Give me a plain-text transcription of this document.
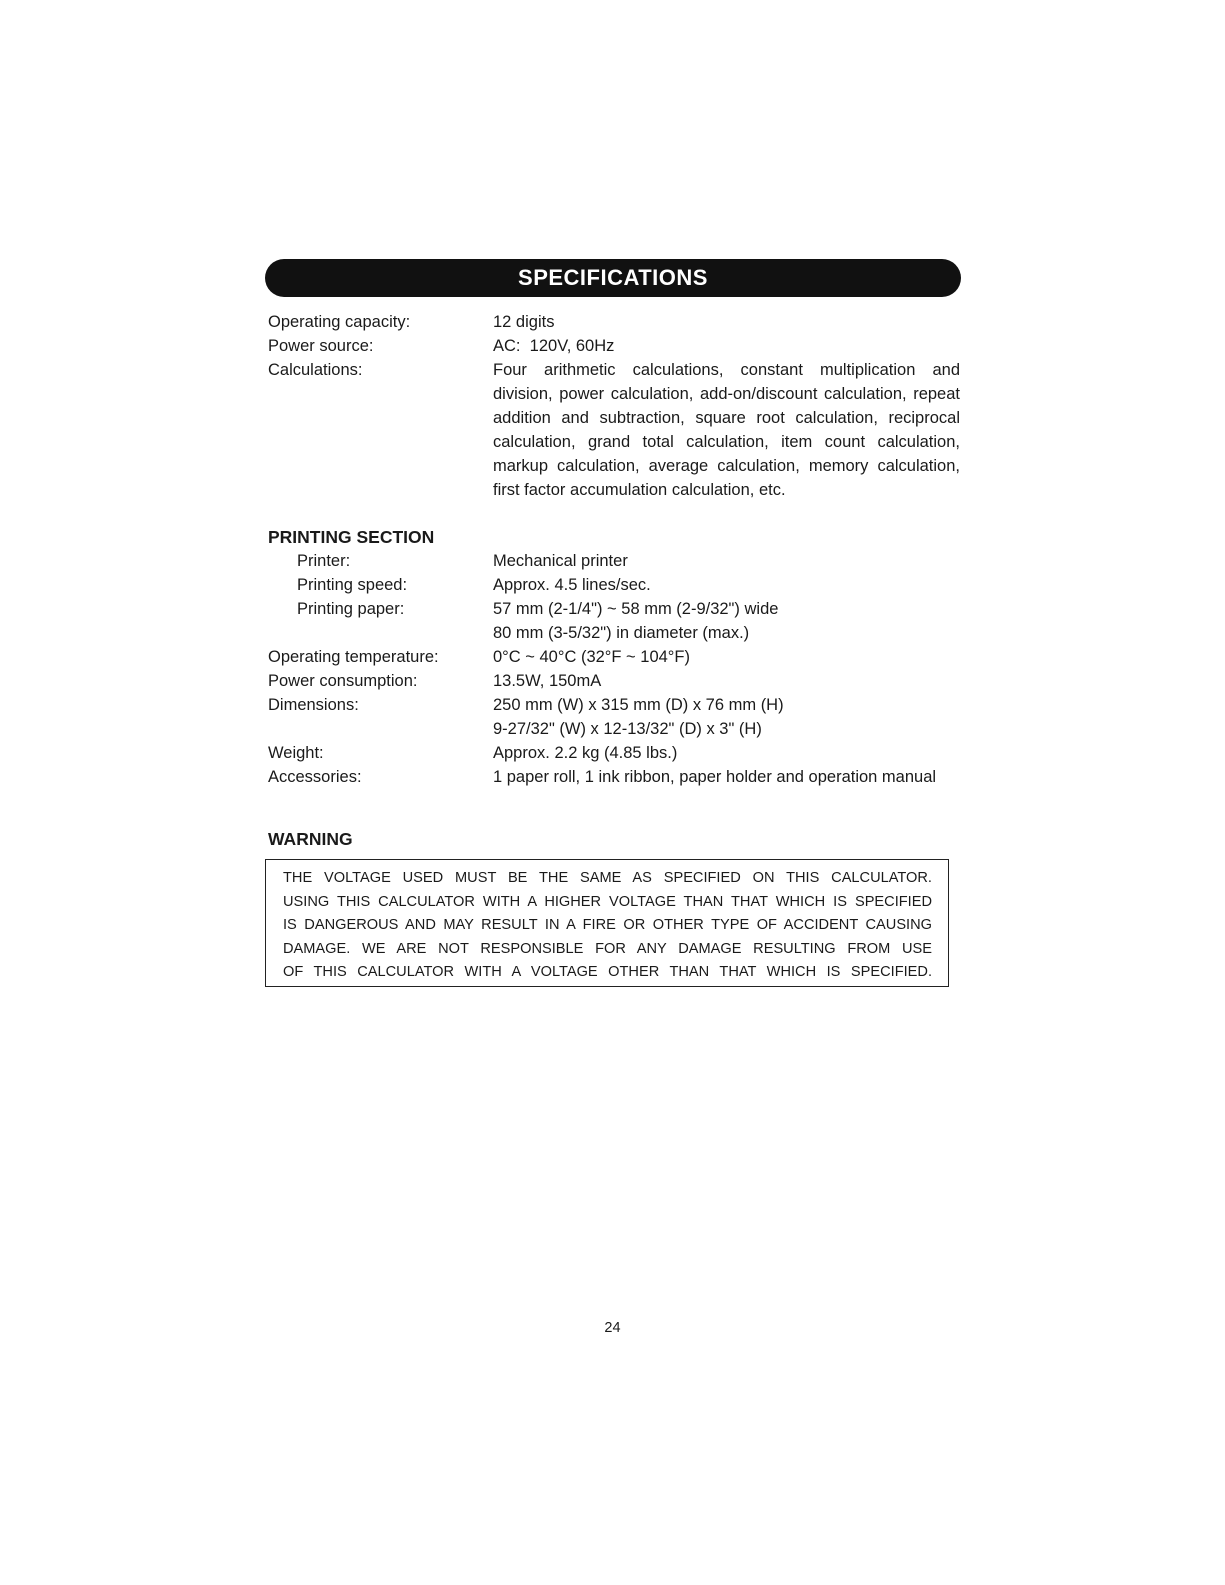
SPECIFICATIONS
Operating capacity:	12 digits
Power source:	AC:  120V, 60Hz
Calculations:	Four arithmetic calculations, constant multiplication and division, power calculation, add-on/discount calculation, repeat addition and subtraction, square root calculation, reciprocal calculation, grand total calculation, item count calculation, markup calculation, average calculation, memory calculation, first factor accumulation calculation, etc.
PRINTING SECTION
Printer:	Mechanical printer
Printing speed:	Approx. 4.5 lines/sec.
Printing paper:	57 mm (2-1/4") ~ 58 mm (2-9/32") wide
80 mm (3-5/32") in diameter (max.)
Operating temperature:	0°C ~ 40°C (32°F ~ 104°F)
Power consumption:	13.5W, 150mA
Dimensions:	250 mm (W) x 315 mm (D) x 76 mm (H)
9-27/32" (W) x 12-13/32" (D) x 3" (H)
Weight:	Approx. 2.2 kg (4.85 lbs.)
Accessories:	1 paper roll, 1 ink ribbon, paper holder and operation manual
WARNING
THE VOLTAGE USED MUST BE THE SAME AS SPECIFIED ON THIS CALCULATOR.
USING THIS CALCULATOR WITH A HIGHER VOLTAGE THAN THAT WHICH IS SPECIFIED
IS DANGEROUS AND MAY RESULT IN A FIRE OR OTHER TYPE OF ACCIDENT CAUSING
DAMAGE. WE ARE NOT RESPONSIBLE FOR ANY DAMAGE RESULTING FROM USE
OF THIS CALCULATOR WITH A VOLTAGE OTHER THAN THAT WHICH IS SPECIFIED.
24
